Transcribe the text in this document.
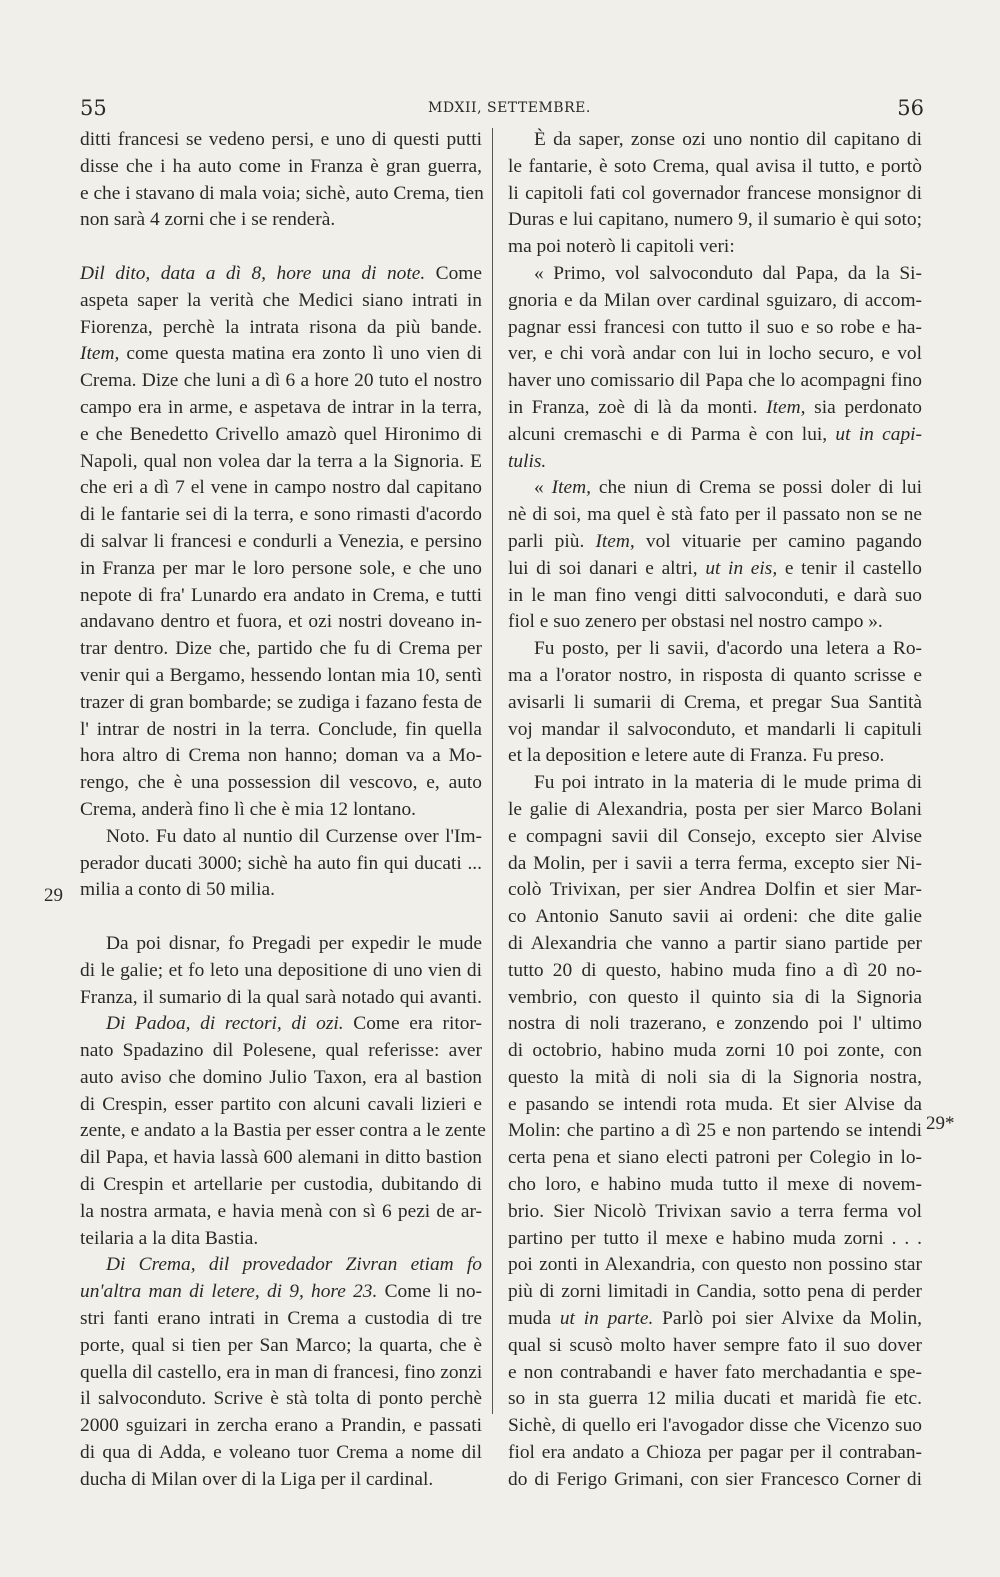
55	MDXII, SETTEMBRE.	56
ditti francesi se vedeno persi, e uno di questi putti
disse che i ha auto come in Franza è gran guerra,
e che i stavano di mala voia; sichè, auto Crema, tien
non sarà 4 zorni che i se renderà.
Dil dito, data a dì 8, hore una di note. Come
aspeta saper la verità che Medici siano intrati in
Fiorenza, perchè la intrata risona da più bande.
Item, come questa matina era zonto lì uno vien di
Crema. Dize che luni a dì 6 a hore 20 tuto el nostro
campo era in arme, e aspetava de intrar in la terra,
e che Benedetto Crivello amazò quel Hironimo di
Napoli, qual non volea dar la terra a la Signoria. E
che eri a dì 7 el vene in campo nostro dal capitano
di le fantarie sei di la terra, e sono rimasti d'acordo
di salvar li francesi e condurli a Venezia, e persino
in Franza per mar le loro persone sole, e che uno
nepote di fra' Lunardo era andato in Crema, e tutti
andavano dentro et fuora, et ozi nostri doveano in-
trar dentro. Dize che, partido che fu di Crema per
venir qui a Bergamo, hessendo lontan mia 10, sentì
trazer di gran bombarde; se zudiga i fazano festa de
l' intrar de nostri in la terra. Conclude, fin quella
hora altro di Crema non hanno; doman va a Mo-
rengo, che è una possession dil vescovo, e, auto
Crema, anderà fino lì che è mia 12 lontano.
Noto. Fu dato al nuntio dil Curzense over l'Im-
perador ducati 3000; sichè ha auto fin qui ducati ...
milia a conto di 50 milia.
Da poi disnar, fo Pregadi per expedir le mude
di le galie; et fo leto una depositione di uno vien di
Franza, il sumario di la qual sarà notado qui avanti.
Di Padoa, di rectori, di ozi. Come era ritor-
nato Spadazino dil Polesene, qual referisse: aver
auto aviso che domino Julio Taxon, era al bastion
di Crespin, esser partito con alcuni cavali lizieri e
zente, e andato a la Bastia per esser contra a le zente
dil Papa, et havia lassà 600 alemani in ditto bastion
di Crespin et artellarie per custodia, dubitando di
la nostra armata, e havia menà con sì 6 pezi de ar-
teilaria a la dita Bastia.
Di Crema, dil provedador Zivran etiam fo
un'altra man di letere, di 9, hore 23. Come li no-
stri fanti erano intrati in Crema a custodia di tre
porte, qual si tien per San Marco; la quarta, che è
quella dil castello, era in man di francesi, fino zonzi
il salvoconduto. Scrive è stà tolta di ponto perchè
2000 sguizari in zercha erano a Prandin, e passati
di qua di Adda, e voleano tuor Crema a nome dil
ducha di Milan over di la Liga per il cardinal.
È da saper, zonse ozi uno nontio dil capitano di
le fantarie, è soto Crema, qual avisa il tutto, e portò
li capitoli fati col governador francese monsignor di
Duras e lui capitano, numero 9, il sumario è qui soto;
ma poi noterò li capitoli veri:
« Primo, vol salvoconduto dal Papa, da la Si-
gnoria e da Milan over cardinal sguizaro, di accom-
pagnar essi francesi con tutto il suo e so robe e ha-
ver, e chi vorà andar con lui in locho securo, e vol
haver uno comissario dil Papa che lo acompagni fino
in Franza, zoè di là da monti. Item, sia perdonato
alcuni cremaschi e di Parma è con lui, ut in capi-
tulis.
« Item, che niun di Crema se possi doler di lui
nè di soi, ma quel è stà fato per il passato non se ne
parli più. Item, vol vituarie per camino pagando
lui di soi danari e altri, ut in eis, e tenir il castello
in le man fino vengi ditti salvoconduti, e darà suo
fiol e suo zenero per obstasi nel nostro campo ».
Fu posto, per li savii, d'acordo una letera a Ro-
ma a l'orator nostro, in risposta di quanto scrisse e
avisarli li sumarii di Crema, et pregar Sua Santità
voj mandar il salvoconduto, et mandarli li capituli
et la deposition e letere aute di Franza. Fu preso.
Fu poi intrato in la materia di le mude prima di
le galie di Alexandria, posta per sier Marco Bolani
e compagni savii dil Consejo, excepto sier Alvise
da Molin, per i savii a terra ferma, excepto sier Ni-
colò Trivixan, per sier Andrea Dolfin et sier Mar-
co Antonio Sanuto savii ai ordeni: che dite galie
di Alexandria che vanno a partir siano partide per
tutto 20 di questo, habino muda fino a dì 20 no-
vembrio, con questo il quinto sia di la Signoria
nostra di noli trazerano, e zonzendo poi l' ultimo
di octobrio, habino muda zorni 10 poi zonte, con
questo la mità di noli sia di la Signoria nostra,
e pasando se intendi rota muda. Et sier Alvise da
Molin: che partino a dì 25 e non partendo se intendi
certa pena et siano electi patroni per Colegio in lo-
cho loro, e habino muda tutto il mexe di novem-
brio. Sier Nicolò Trivixan savio a terra ferma vol
partino per tutto il mexe e habino muda zorni . . .
poi zonti in Alexandria, con questo non possino star
più di zorni limitadi in Candia, sotto pena di perder
muda ut in parte. Parlò poi sier Alvixe da Molin,
qual si scusò molto haver sempre fato il suo dover
e non contrabandi e haver fato merchadantia e spe-
so in sta guerra 12 milia ducati et maridà fie etc.
Sichè, di quello eri l'avogador disse che Vicenzo suo
fiol era andato a Chioza per pagar per il contraban-
do di Ferigo Grimani, con sier Francesco Corner di
29
29*
